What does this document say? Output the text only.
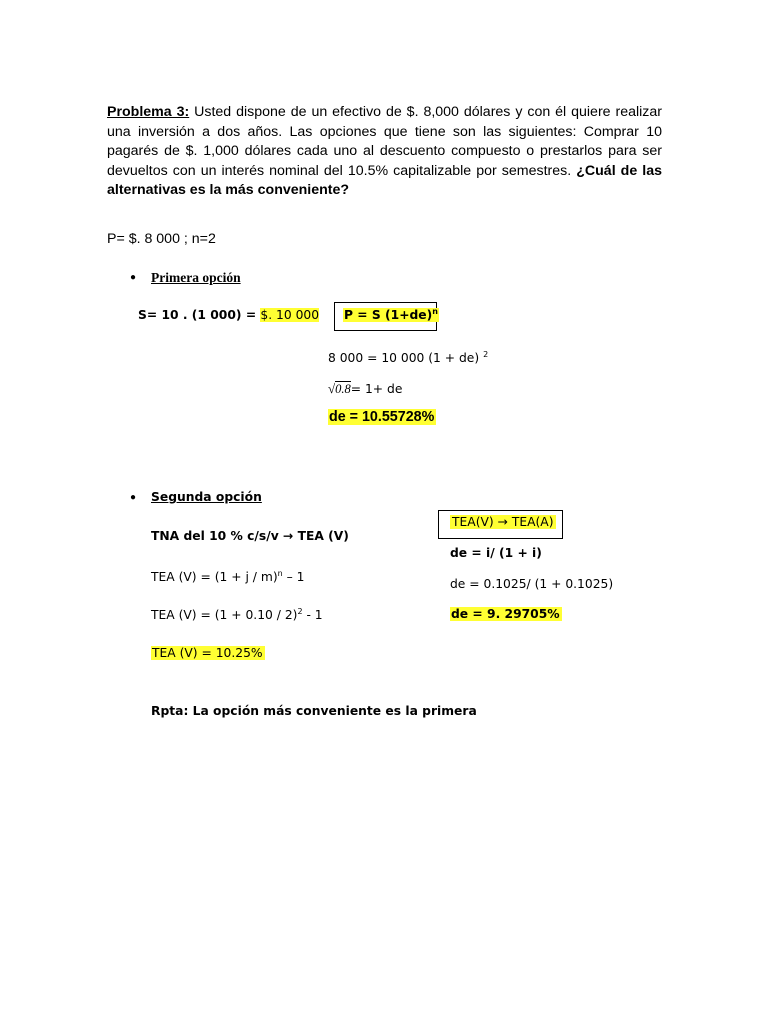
Problema 3: Usted dispone de un efectivo de $. 8,000 dólares y con él quiere realizar una inversión a dos años. Las opciones que tiene son las siguientes: Comprar 10 pagarés de $. 1,000 dólares cada uno al descuento compuesto o prestarlos para ser devueltos con un interés nominal del 10.5% capitalizable por semestres. ¿Cuál de las alternativas es la más conveniente?
P= $. 8 000 ; n=2
● Primera opción
S= 10 . (1 000) = $. 10 000 P = S $(1+de)^n$
8 000 = 10 000 (1 + de) $^2$
√0.8= 1+ de
de = 10.55728%
● Segunda opción
TNA del 10 % c/s/v → TEA (V)
TEA $(V) = (1 + j / m)^n - 1$
TEA $(V) = (1 + 0.10 / 2)^2 - 1$
TEA (V) = 10.25%
TEA(V) → TEA(A)
de = i/ (1 + i)
de = 0.1025/ (1 + 0.1025)
de = 9. 29705%
Rpta: La opción más conveniente es la primera
